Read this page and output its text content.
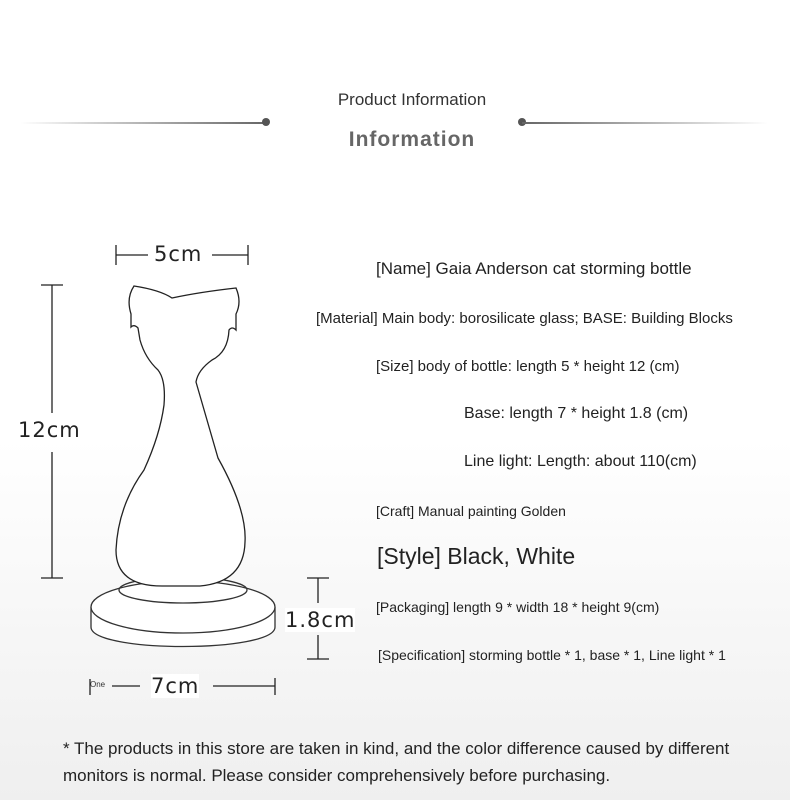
Product Information
Information
5cm
12cm
1.8cm
7cm
One
[Name] Gaia Anderson cat storming bottle
[Material] Main body: borosilicate glass; BASE: Building Blocks
[Size] body of bottle: length 5 * height 12 (cm)
Base: length 7 * height 1.8 (cm)
Line light: Length: about 110(cm)
[Craft] Manual painting Golden
[Style] Black, White
[Packaging] length 9 * width 18 * height 9(cm)
[Specification] storming bottle * 1, base * 1, Line light * 1
* The products in this store are taken in kind, and the color difference caused by different monitors is normal. Please consider comprehensively before purchasing.
